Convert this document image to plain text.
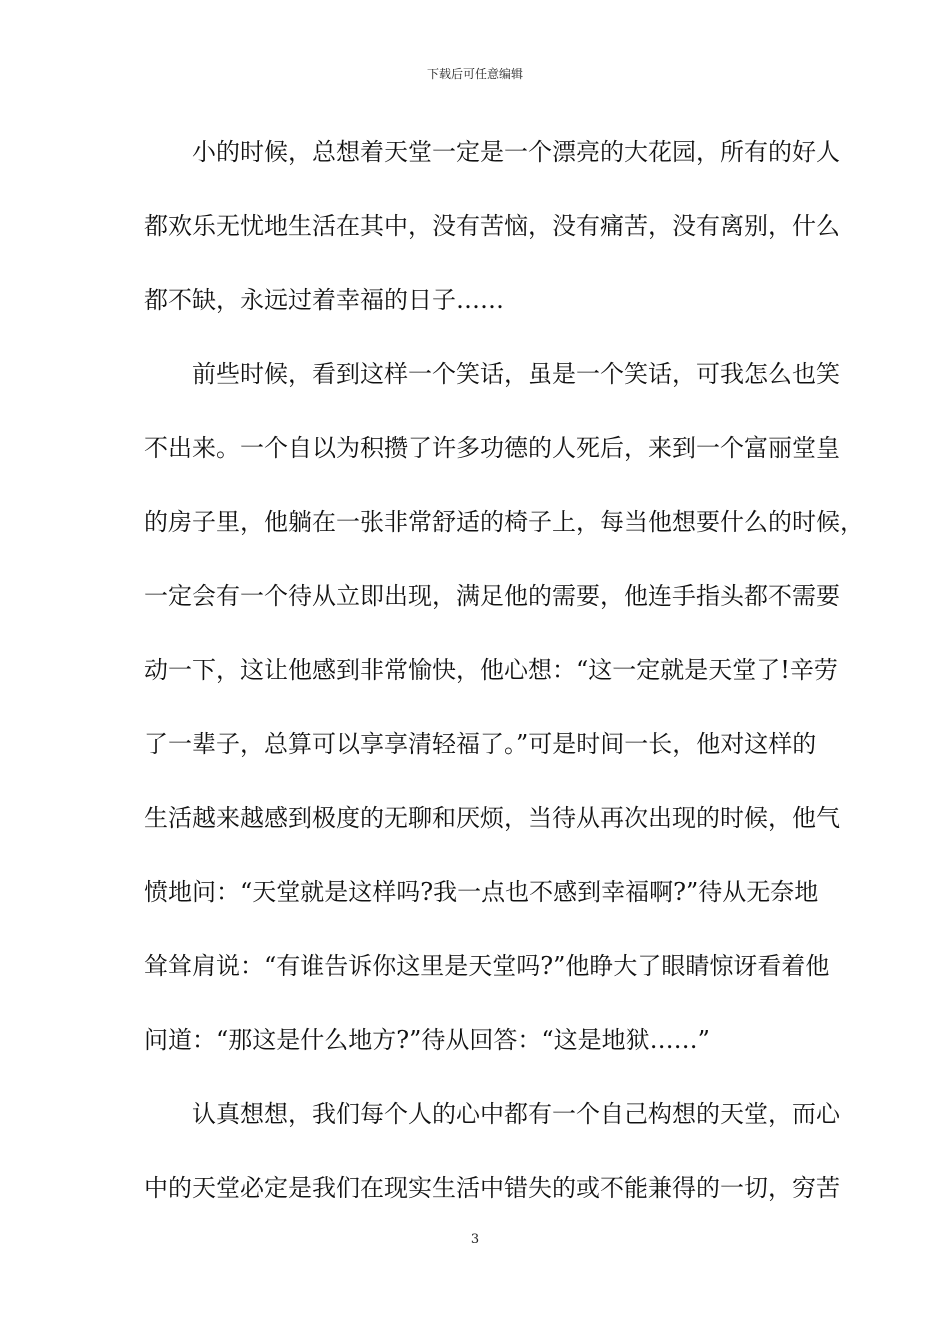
下载后可任意编辑
小的时候，总想着天堂一定是一个漂亮的大花园，所有的好人
都欢乐无忧地生活在其中，没有苦恼，没有痛苦，没有离别，什么
都不缺，永远过着幸福的日子……
前些时候，看到这样一个笑话，虽是一个笑话，可我怎么也笑
不出来。一个自以为积攒了许多功德的人死后，来到一个富丽堂皇
的房子里，他躺在一张非常舒适的椅子上，每当他想要什么的时候，
一定会有一个待从立即出现，满足他的需要，他连手指头都不需要
动一下，这让他感到非常愉快，他心想：“这一定就是天堂了!辛劳
了一辈子，总算可以享享清轻福了。”可是时间一长，他对这样的
生活越来越感到极度的无聊和厌烦，当待从再次出现的时候，他气
愤地问：“天堂就是这样吗?我一点也不感到幸福啊?”待从无奈地
耸耸肩说：“有谁告诉你这里是天堂吗?”他睁大了眼睛惊讶看着他
问道：“那这是什么地方?”待从回答：“这是地狱……”
认真想想，我们每个人的心中都有一个自己构想的天堂，而心
中的天堂必定是我们在现实生活中错失的或不能兼得的一切，穷苦
3
